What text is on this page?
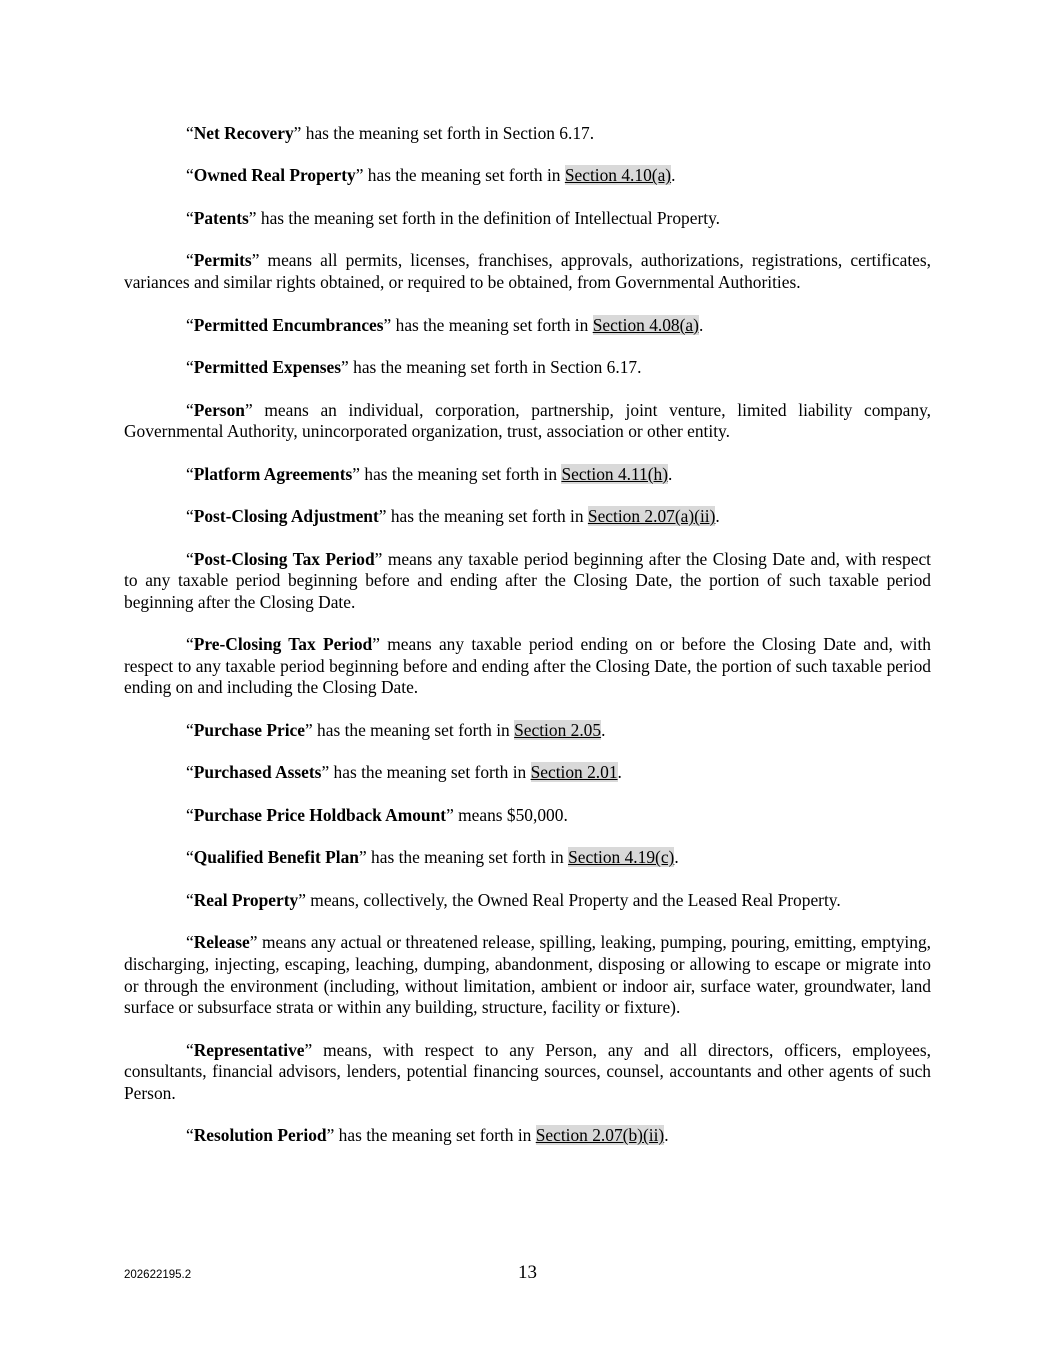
“Net Recovery” has the meaning set forth in Section 6.17.

“Owned Real Property” has the meaning set forth in Section 4.10(a).

“Patents” has the meaning set forth in the definition of Intellectual Property.

“Permits” means all permits, licenses, franchises, approvals, authorizations, registrations, certificates, variances and similar rights obtained, or required to be obtained, from Governmental Authorities.

“Permitted Encumbrances” has the meaning set forth in Section 4.08(a).

“Permitted Expenses” has the meaning set forth in Section 6.17.

“Person” means an individual, corporation, partnership, joint venture, limited liability company, Governmental Authority, unincorporated organization, trust, association or other entity.

“Platform Agreements” has the meaning set forth in Section 4.11(h).

“Post-Closing Adjustment” has the meaning set forth in Section 2.07(a)(ii).

“Post-Closing Tax Period” means any taxable period beginning after the Closing Date and, with respect to any taxable period beginning before and ending after the Closing Date, the portion of such taxable period beginning after the Closing Date.

“Pre-Closing Tax Period” means any taxable period ending on or before the Closing Date and, with respect to any taxable period beginning before and ending after the Closing Date, the portion of such taxable period ending on and including the Closing Date.

“Purchase Price” has the meaning set forth in Section 2.05.

“Purchased Assets” has the meaning set forth in Section 2.01.

“Purchase Price Holdback Amount” means $50,000.

“Qualified Benefit Plan” has the meaning set forth in Section 4.19(c).

“Real Property” means, collectively, the Owned Real Property and the Leased Real Property.

“Release” means any actual or threatened release, spilling, leaking, pumping, pouring, emitting, emptying, discharging, injecting, escaping, leaching, dumping, abandonment, disposing or allowing to escape or migrate into or through the environment (including, without limitation, ambient or indoor air, surface water, groundwater, land surface or subsurface strata or within any building, structure, facility or fixture).

“Representative” means, with respect to any Person, any and all directors, officers, employees, consultants, financial advisors, lenders, potential financing sources, counsel, accountants and other agents of such Person.

“Resolution Period” has the meaning set forth in Section 2.07(b)(ii).

202622195.2	13
